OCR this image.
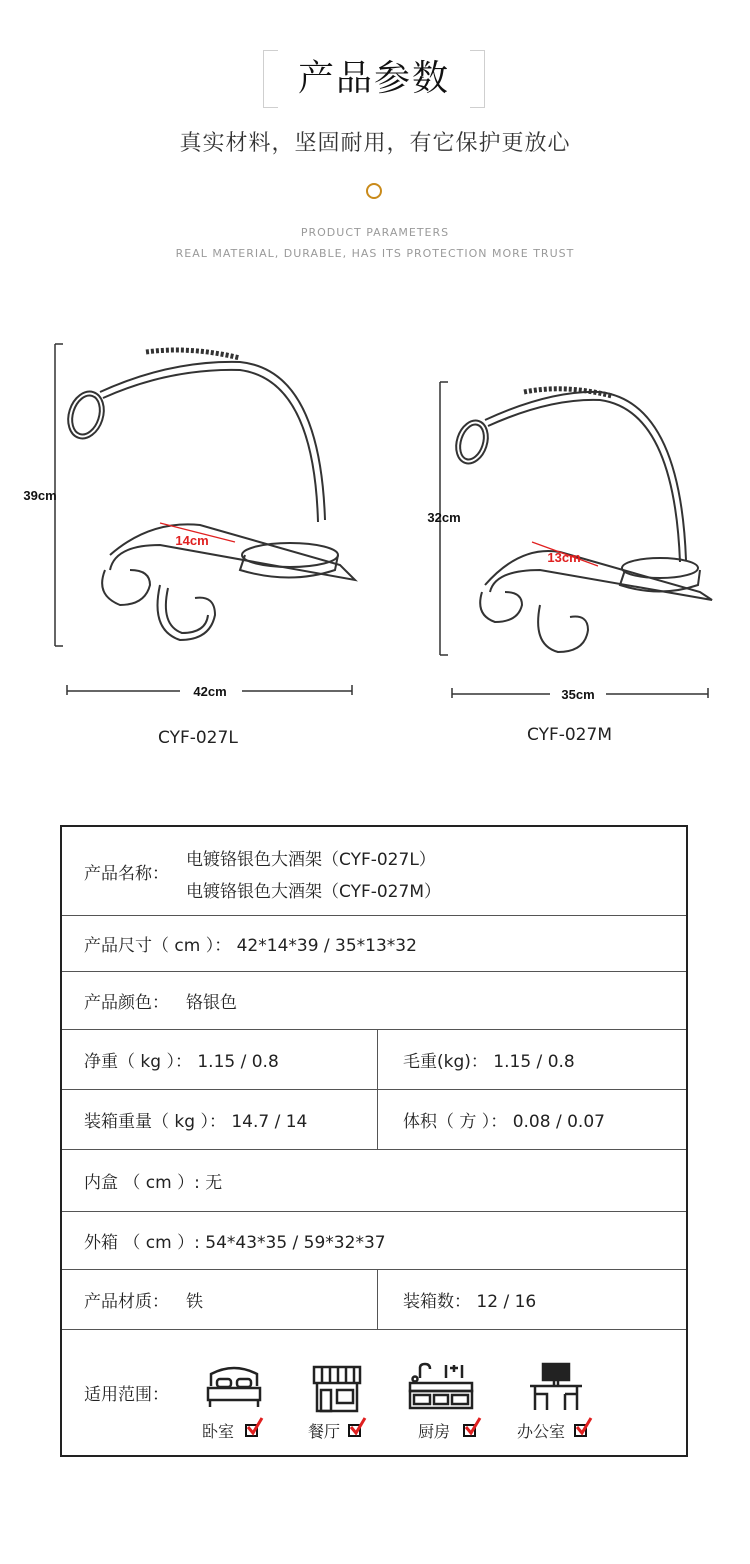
产品参数
真实材料，坚固耐用，有它保护更放心
PRODUCT PARAMETERS
REAL MATERIAL, DURABLE, HAS ITS PROTECTION MORE TRUST
39cm
14cm
42cm
32cm
13cm
35cm
CYF-027L	CYF-027M
产品名称：
电镀铬银色大酒架（CYF-027L）
电镀铬银色大酒架（CYF-027M）
产品尺寸（ cm ）： 42*14*39 / 35*13*32
产品颜色： 铬银色
净重（ kg ）： 1.15 / 0.8	毛重(kg)： 1.15 / 0.8
装箱重量（ kg ）： 14.7 / 14	体积（ 方 ）： 0.08 / 0.07
内盒 （ cm ）: 无
外箱 （ cm ）: 54*43*35 / 59*32*37
产品材质： 铁	装箱数： 12 / 16
适用范围：
卧室	餐厅	厨房	办公室
